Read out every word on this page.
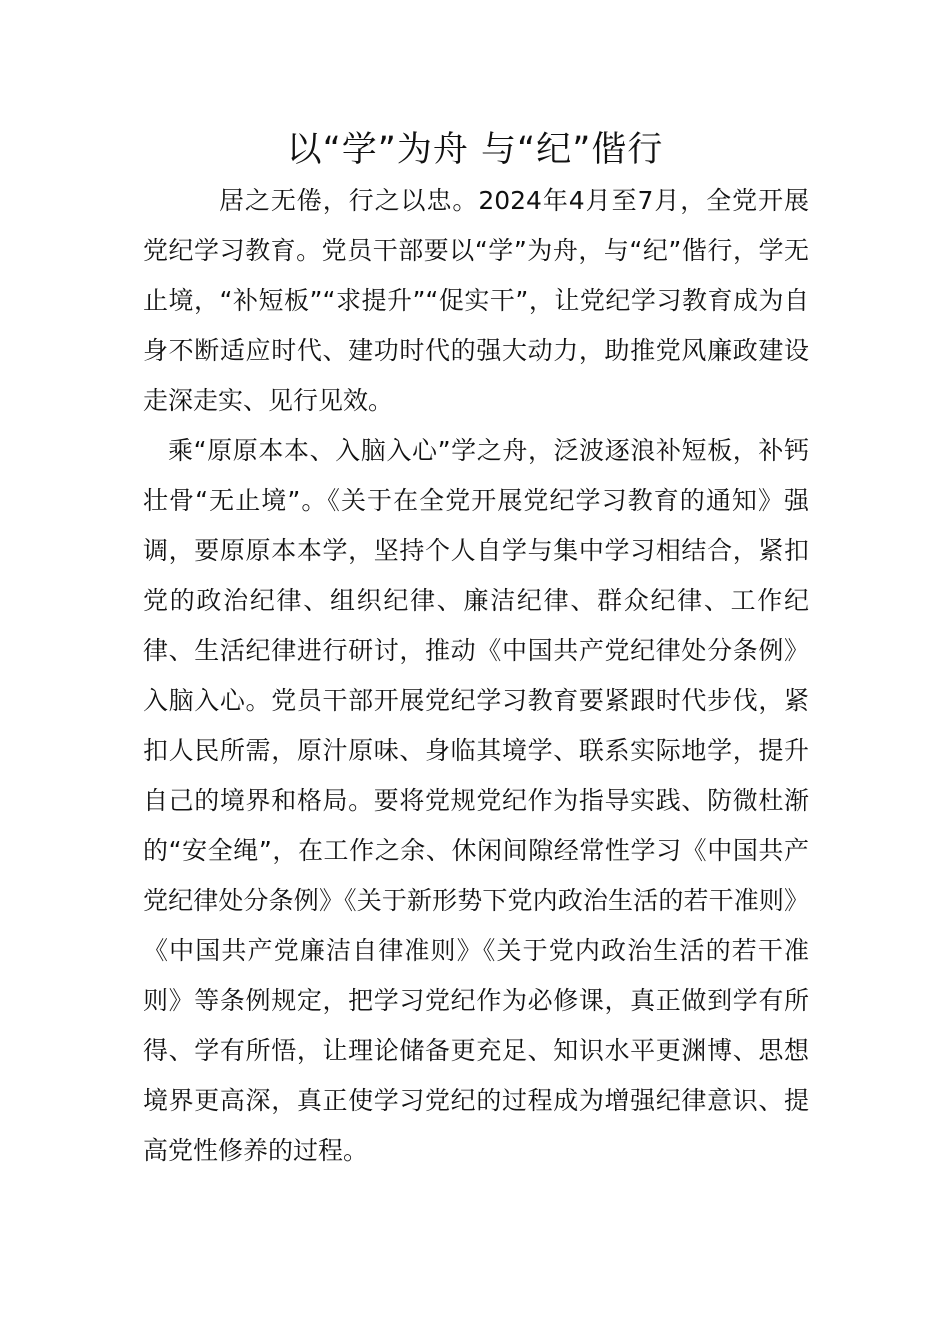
以“学”为舟 与“纪”偕行

居之无倦，行之以忠。2024年4月至7月，全党开展党纪学习教育。党员干部要以“学”为舟，与“纪”偕行，学无止境，“补短板”“求提升”“促实干”，让党纪学习教育成为自身不断适应时代、建功时代的强大动力，助推党风廉政建设走深走实、见行见效。

乘“原原本本、入脑入心”学之舟，泛波逐浪补短板，补钙壮骨“无止境”。《关于在全党开展党纪学习教育的通知》强调，要原原本本学，坚持个人自学与集中学习相结合，紧扣党的政治纪律、组织纪律、廉洁纪律、群众纪律、工作纪律、生活纪律进行研讨，推动《中国共产党纪律处分条例》入脑入心。党员干部开展党纪学习教育要紧跟时代步伐，紧扣人民所需，原汁原味、身临其境学、联系实际地学，提升自己的境界和格局。要将党规党纪作为指导实践、防微杜渐的“安全绳”，在工作之余、休闲间隙经常性学习《中国共产党纪律处分条例》《关于新形势下党内政治生活的若干准则》《中国共产党廉洁自律准则》《关于党内政治生活的若干准则》等条例规定，把学习党纪作为必修课，真正做到学有所得、学有所悟，让理论储备更充足、知识水平更渊博、思想境界更高深，真正使学习党纪的过程成为增强纪律意识、提高党性修养的过程。
